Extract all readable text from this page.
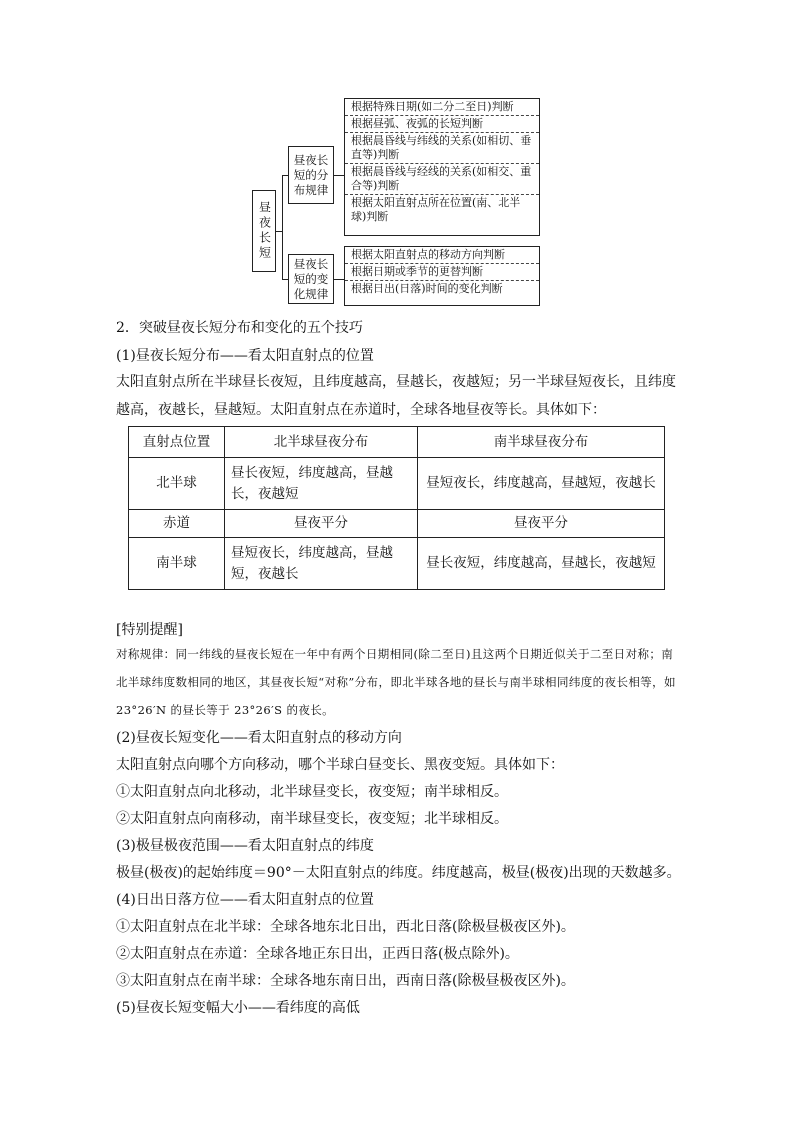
昼夜长短
昼夜长短的分布规律
昼夜长短的变化规律
根据特殊日期(如二分二至日)判断
根据昼弧、夜弧的长短判断
根据晨昏线与纬线的关系(如相切、垂直等)判断
根据晨昏线与经线的关系(如相交、重合等)判断
根据太阳直射点所在位置(南、北半球)判断
根据太阳直射点的移动方向判断
根据日期或季节的更替判断
根据日出(日落)时间的变化判断
2．突破昼夜长短分布和变化的五个技巧
(1)昼夜长短分布——看太阳直射点的位置
太阳直射点所在半球昼长夜短，且纬度越高，昼越长，夜越短；另一半球昼短夜长，且纬度越高，夜越长，昼越短。太阳直射点在赤道时，全球各地昼夜等长。具体如下：
直射点位置	北半球昼夜分布	南半球昼夜分布
北半球	昼长夜短，纬度越高，昼越长，夜越短	昼短夜长，纬度越高，昼越短，夜越长
赤道	昼夜平分	昼夜平分
南半球	昼短夜长，纬度越高，昼越短，夜越长	昼长夜短，纬度越高，昼越长，夜越短
[特别提醒]
对称规律：同一纬线的昼夜长短在一年中有两个日期相同(除二至日)且这两个日期近似关于二至日对称；南北半球纬度数相同的地区，其昼夜长短“对称”分布，即北半球各地的昼长与南半球相同纬度的夜长相等，如 23°26′N 的昼长等于 23°26′S 的夜长。
(2)昼夜长短变化——看太阳直射点的移动方向
太阳直射点向哪个方向移动，哪个半球白昼变长、黑夜变短。具体如下：
①太阳直射点向北移动，北半球昼变长，夜变短；南半球相反。
②太阳直射点向南移动，南半球昼变长，夜变短；北半球相反。
(3)极昼极夜范围——看太阳直射点的纬度
极昼(极夜)的起始纬度＝90°－太阳直射点的纬度。纬度越高，极昼(极夜)出现的天数越多。
(4)日出日落方位——看太阳直射点的位置
①太阳直射点在北半球：全球各地东北日出，西北日落(除极昼极夜区外)。
②太阳直射点在赤道：全球各地正东日出，正西日落(极点除外)。
③太阳直射点在南半球：全球各地东南日出，西南日落(除极昼极夜区外)。
(5)昼夜长短变幅大小——看纬度的高低
